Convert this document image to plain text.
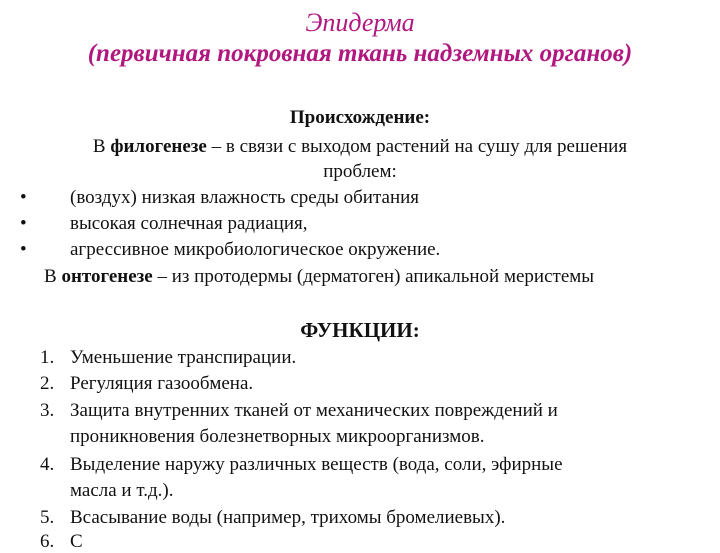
Эпидерма
(первичная покровная ткань надземных органов)
Происхождение:
В филогенезе – в связи с выходом растений на сушу для решения
проблем:
• (воздух) низкая влажность среды обитания
• высокая солнечная радиация,
• агрессивное микробиологическое окружение.
В онтогенезе – из протодермы (дерматоген) апикальной меристемы
ФУНКЦИИ:
1. Уменьшение транспирации.
2. Регуляция газообмена.
3. Защита внутренних тканей от механических повреждений и
проникновения болезнетворных микроорганизмов.
4. Выделение наружу различных веществ (вода, соли, эфирные
масла и т.д.).
5. Всасывание воды (например, трихомы бромелиевых).
6. С
